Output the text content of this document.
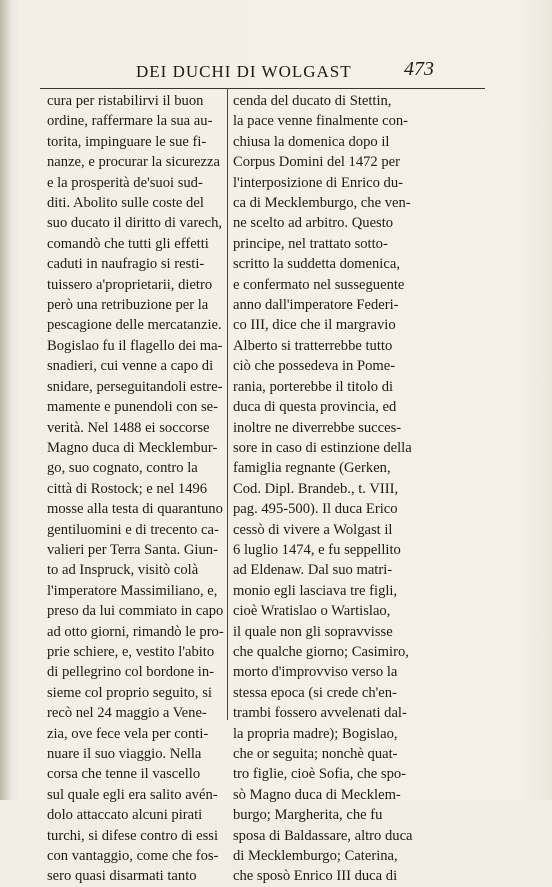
DEI DUCHI DI WOLGAST	473
cura per ristabilirvi il buon
ordine, raffermare la sua au-
torita, impinguare le sue fi-
nanze, e procurar la sicurezza
e la prosperità de'suoi sud-
diti. Abolito sulle coste del
suo ducato il diritto di varech,
comandò che tutti gli effetti
caduti in naufragio si resti-
tuissero a'proprietarii, dietro
però una retribuzione per la
pescagione delle mercatanzie.
Bogislao fu il flagello dei ma-
snadieri, cui venne a capo di
snidare, perseguitandoli estre-
mamente e punendoli con se-
verità. Nel 1488 ei soccorse
Magno duca di Mecklembur-
go, suo cognato, contro la
città di Rostock; e nel 1496
mosse alla testa di quarantuno
gentiluomini e di trecento ca-
valieri per Terra Santa. Giun-
to ad Inspruck, visitò colà
l'imperatore Massimiliano, e,
preso da lui commiato in capo
ad otto giorni, rimandò le pro-
prie schiere, e, vestito l'abito
di pellegrino col bordone in-
sieme col proprio seguito, si
recò nel 24 maggio a Vene-
zia, ove fece vela per conti-
nuare il suo viaggio. Nella
corsa che tenne il vascello
sul quale egli era salito avén-
dolo attaccato alcuni pirati
turchi, si difese contro di essi
con vantaggio, come che fos-
sero quasi disarmati tanto
cenda del ducato di Stettin,
la pace venne finalmente con-
chiusa la domenica dopo il
Corpus Domini del 1472 per
l'interposizione di Enrico du-
ca di Mecklemburgo, che ven-
ne scelto ad arbitro. Questo
principe, nel trattato sotto-
scritto la suddetta domenica,
e confermato nel susseguente
anno dall'imperatore Federi-
co III, dice che il margravio
Alberto si tratterrebbe tutto
ciò che possedeva in Pome-
rania, porterebbe il titolo di
duca di questa provincia, ed
inoltre ne diverrebbe succes-
sore in caso di estinzione della
famiglia regnante (Gerken,
Cod. Dipl. Brandeb., t. VIII,
pag. 495-500). Il duca Erico
cessò di vivere a Wolgast il
6 luglio 1474, e fu seppellito
ad Eldenaw. Dal suo matri-
monio egli lasciava tre figli,
cioè Wratislao o Wartislao,
il quale non gli sopravvisse
che qualche giorno; Casimiro,
morto d'improvviso verso la
stessa epoca (si crede ch'en-
trambi fossero avvelenati dal-
la propria madre); Bogislao,
che or seguita; nonchè quat-
tro figlie, cioè Sofia, che spo-
sò Magno duca di Mecklem-
burgo; Margherita, che fu
sposa di Baldassare, altro duca
di Mecklemburgo; Caterina,
che sposò Enrico III duca di
